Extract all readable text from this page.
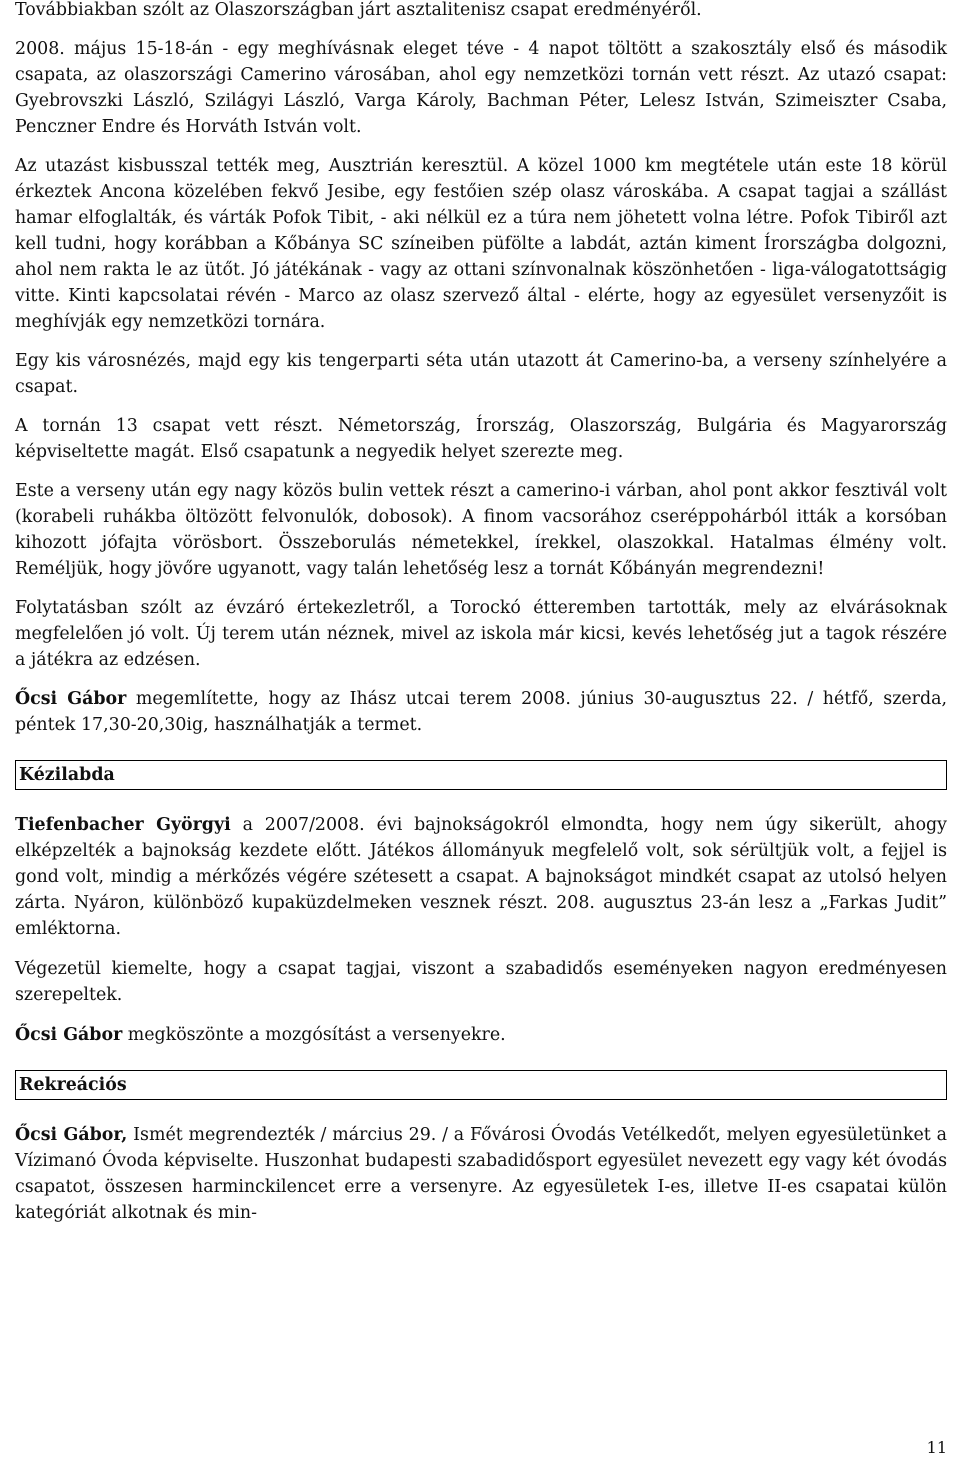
Továbbiakban szólt az Olaszországban járt asztalitenisz csapat eredményéről.

2008. május 15-18-án - egy meghívásnak eleget téve - 4 napot töltött a szakosztály első és második csapata, az olaszországi Camerino városában, ahol egy nemzetközi tornán vett részt. Az utazó csapat: Gyebrovszki László, Szilágyi László, Varga Károly, Bachman Péter, Lelesz István, Szimeiszter Csaba, Penczner Endre és Horváth István volt.

Az utazást kisbusszal tették meg, Ausztrián keresztül. A közel 1000 km megtétele után este 18 körül érkeztek Ancona közelében fekvő Jesibe, egy festőien szép olasz városkába. A csapat tagjai a szállást hamar elfoglalták, és várták Pofok Tibit, - aki nélkül ez a túra nem jöhetett volna létre. Pofok Tibiről azt kell tudni, hogy korábban a Kőbánya SC színeiben püfölte a labdát, aztán kiment Írországba dolgozni, ahol nem rakta le az ütőt. Jó játékának - vagy az ottani színvonalnak köszönhetően - liga-válogatottságig vitte. Kinti kapcsolatai révén - Marco az olasz szervező által - elérte, hogy az egyesület versenyzőit is meghívják egy nemzetközi tornára.

Egy kis városnézés, majd egy kis tengerparti séta után utazott át Camerino-ba, a verseny színhelyére a csapat.

A tornán 13 csapat vett részt. Németország, Írország, Olaszország, Bulgária és Magyarország képviseltette magát. Első csapatunk a negyedik helyet szerezte meg.

Este a verseny után egy nagy közös bulin vettek részt a camerino-i várban, ahol pont akkor fesztivál volt (korabeli ruhákba öltözött felvonulók, dobosok). A finom vacsorához cseréppohárból itták a korsóban kihozott jófajta vörösbort. Összeborulás németekkel, írekkel, olaszokkal. Hatalmas élmény volt. Reméljük, hogy jövőre ugyanott, vagy talán lehetőség lesz a tornát Kőbányán megrendezni!

Folytatásban szólt az évzáró értekezletről, a Torockó étteremben tartották, mely az elvárásoknak megfelelően jó volt. Új terem után néznek, mivel az iskola már kicsi, kevés lehetőség jut a tagok részére a játékra az edzésen.

Őcsi Gábor megemlítette, hogy az Ihász utcai terem 2008. június 30-augusztus 22. / hétfő, szerda, péntek 17,30-20,30ig, használhatják a termet.

Kézilabda

Tiefenbacher Györgyi a 2007/2008. évi bajnokságokról elmondta, hogy nem úgy sikerült, ahogy elképzelték a bajnokság kezdete előtt. Játékos állományuk megfelelő volt, sok sérültjük volt, a fejjel is gond volt, mindig a mérkőzés végére szétesett a csapat. A bajnokságot mindkét csapat az utolsó helyen zárta. Nyáron, különböző kupaküzdelmeken vesznek részt. 208. augusztus 23-án lesz a „Farkas Judit” emléktorna.

Végezetül kiemelte, hogy a csapat tagjai, viszont a szabadidős eseményeken nagyon eredményesen szerepeltek.

Őcsi Gábor megköszönte a mozgósítást a versenyekre.

Rekreációs

Őcsi Gábor, Ismét megrendezték / március 29. / a Fővárosi Óvodás Vetélkedőt, melyen egyesületünket a Vízimanó Óvoda képviselte. Huszonhat budapesti szabadidősport egyesület nevezett egy vagy két óvodás csapatot, összesen harminckilencet erre a versenyre. Az egyesületek I-es, illetve II-es csapatai külön kategóriát alkotnak és min-

11
